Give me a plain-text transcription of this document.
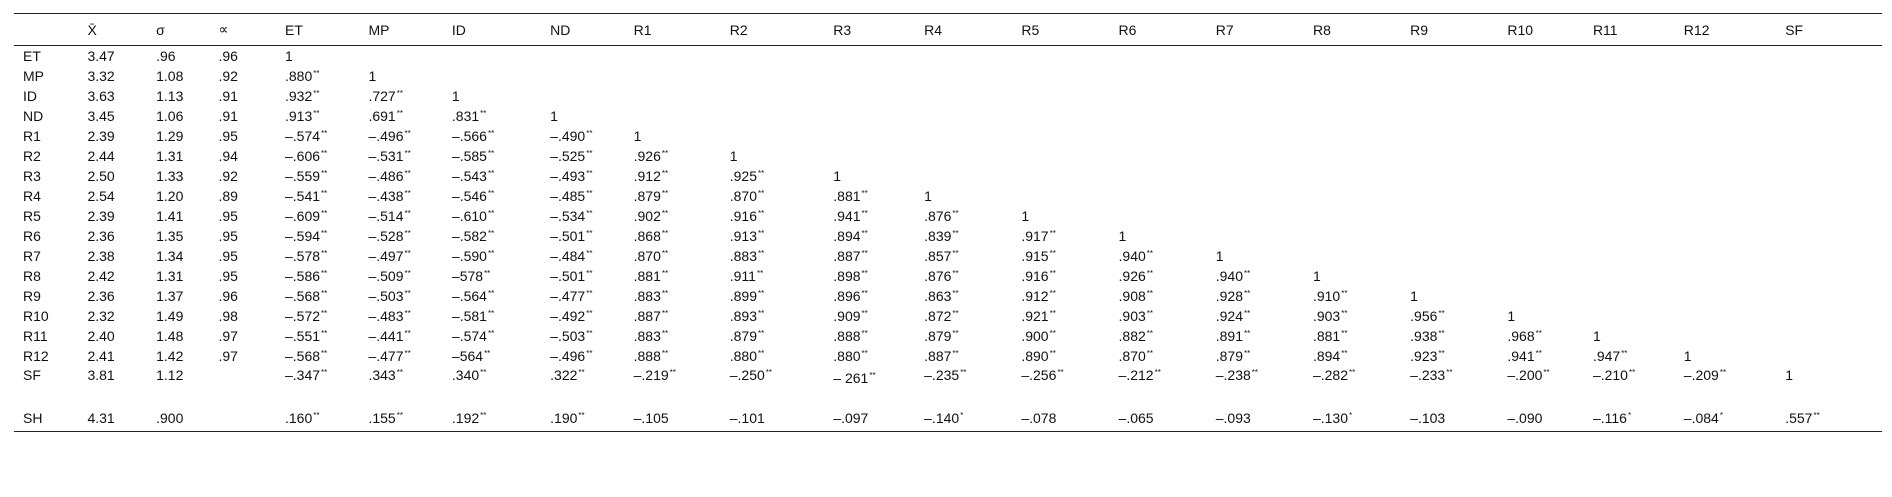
	X̄	σ	∝	ET	MP	ID	ND	R1	R2	R3	R4	R5	R6	R7	R8	R9	R10	R11	R12	SF
ET	3.47	.96	.96	1																
MP	3.32	1.08	.92	.880**	1															
ID	3.63	1.13	.91	.932**	.727**	1														
ND	3.45	1.06	.91	.913**	.691**	.831**	1													
R1	2.39	1.29	.95	–.574**	–.496**	–.566**	–.490**	1												
R2	2.44	1.31	.94	–.606**	–.531**	–.585**	–.525**	.926**	1											
R3	2.50	1.33	.92	–.559**	–.486**	–.543**	–.493**	.912**	.925**	1										
R4	2.54	1.20	.89	–.541**	–.438**	–.546**	–.485**	.879**	.870**	.881**	1									
R5	2.39	1.41	.95	–.609**	–.514**	–.610**	–.534**	.902**	.916**	.941**	.876**	1								
R6	2.36	1.35	.95	–.594**	–.528**	–.582**	–.501**	.868**	.913**	.894**	.839**	.917**	1							
R7	2.38	1.34	.95	–.578**	–.497**	–.590**	–.484**	.870**	.883**	.887**	.857**	.915**	.940**	1						
R8	2.42	1.31	.95	–.586**	–.509**	–578**	–.501**	.881**	.911**	.898**	.876**	.916**	.926**	.940**	1					
R9	2.36	1.37	.96	–.568**	–.503**	–.564**	–.477**	.883**	.899**	.896**	.863**	.912**	.908**	.928**	.910**	1				
R10	2.32	1.49	.98	–.572**	–.483**	–.581**	–.492**	.887**	.893**	.909**	.872**	.921**	.903**	.924**	.903**	.956**	1			
R11	2.40	1.48	.97	–.551**	–.441**	–.574**	–.503**	.883**	.879**	.888**	.879**	.900**	.882**	.891**	.881**	.938**	.968**	1		
R12	2.41	1.42	.97	–.568**	–.477**	–564**	–.496**	.888**	.880**	.880**	.887**	.890**	.870**	.879**	.894**	.923**	.941**	.947**	1	
SF	3.81	1.12		–.347**	.343**	.340**	.322**	–.219**	–.250**	– 261**	–.235**	–.256**	–.212**	–.238**	–.282**	–.233**	–.200**	–.210**	–.209**	1
SH	4.31	.900		.160**	.155**	.192**	.190**	–.105	–.101	–.097	–.140*	–.078	–.065	–.093	–.130*	–.103	–.090	–.116*	–.084*	.557**
